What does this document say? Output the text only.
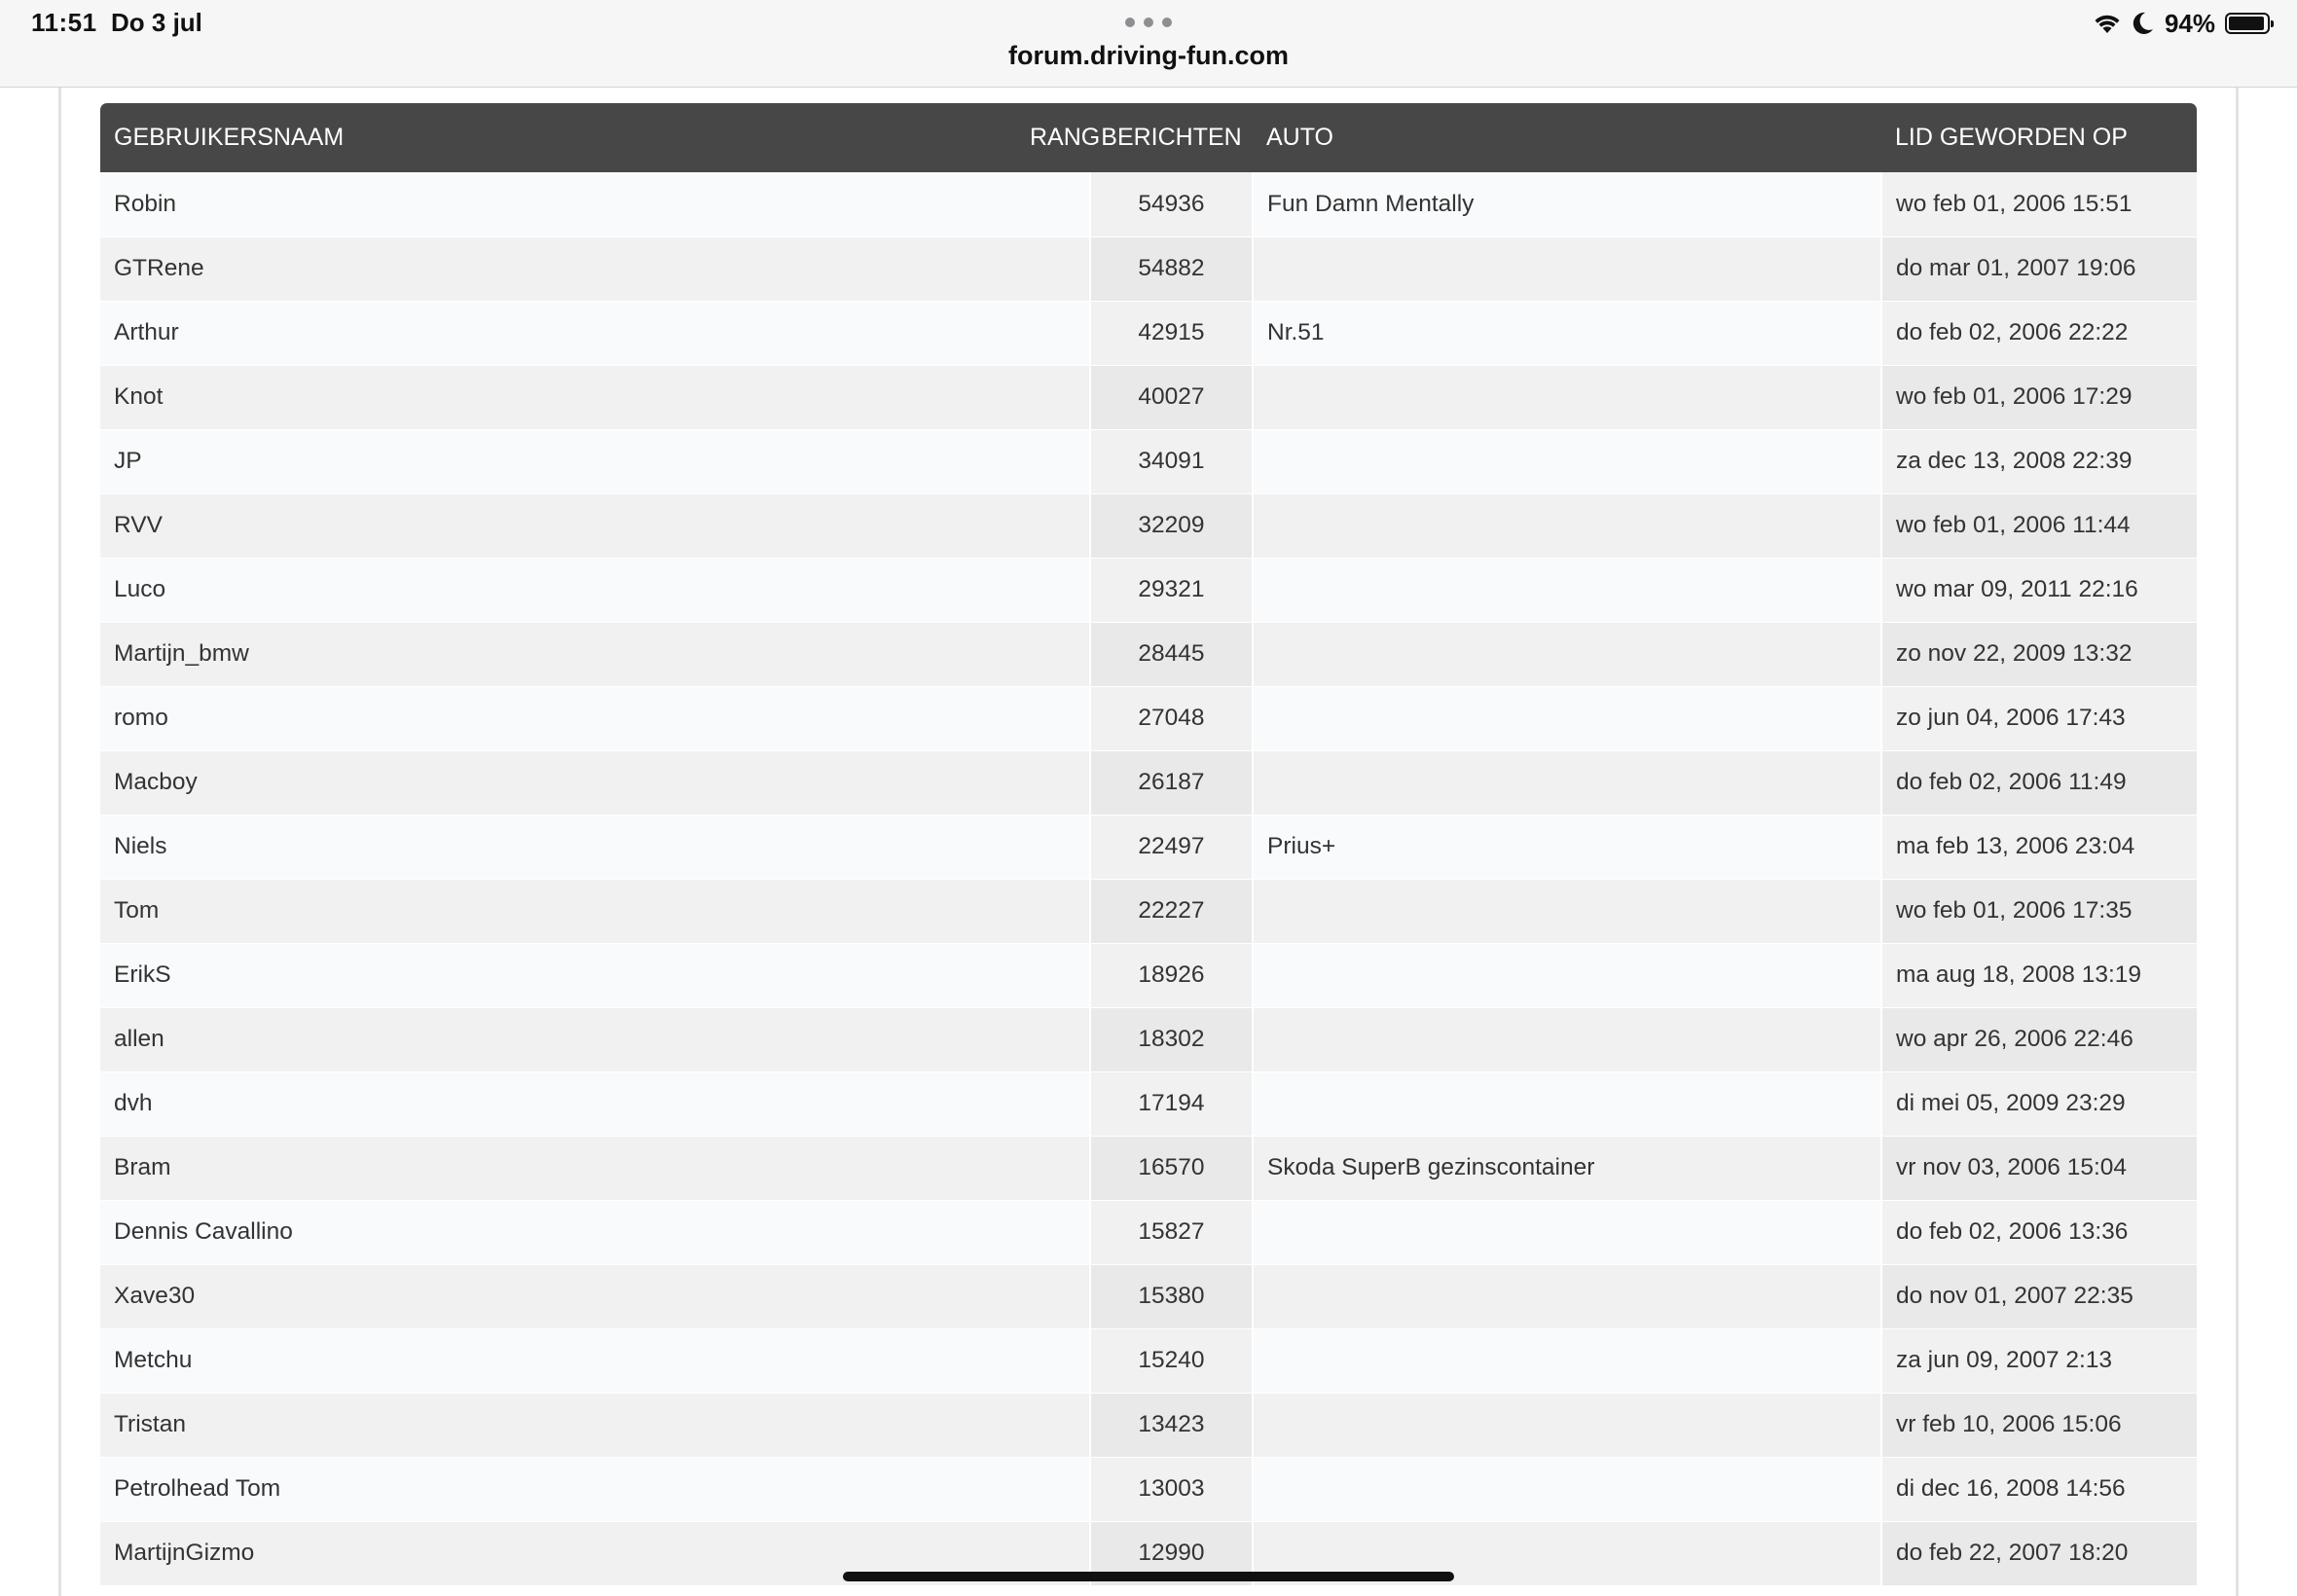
11:51 Do 3 jul
forum.driving-fun.com
94%
GEBRUIKERSNAAM	RANG	BERICHTEN	AUTO	LID GEWORDEN OP
Robin		54936	Fun Damn Mentally	wo feb 01, 2006 15:51
GTRene		54882		do mar 01, 2007 19:06
Arthur		42915	Nr.51	do feb 02, 2006 22:22
Knot		40027		wo feb 01, 2006 17:29
JP		34091		za dec 13, 2008 22:39
RVV		32209		wo feb 01, 2006 11:44
Luco		29321		wo mar 09, 2011 22:16
Martijn_bmw		28445		zo nov 22, 2009 13:32
romo		27048		zo jun 04, 2006 17:43
Macboy		26187		do feb 02, 2006 11:49
Niels		22497	Prius+	ma feb 13, 2006 23:04
Tom		22227		wo feb 01, 2006 17:35
ErikS		18926		ma aug 18, 2008 13:19
allen		18302		wo apr 26, 2006 22:46
dvh		17194		di mei 05, 2009 23:29
Bram		16570	Skoda SuperB gezinscontainer	vr nov 03, 2006 15:04
Dennis Cavallino		15827		do feb 02, 2006 13:36
Xave30		15380		do nov 01, 2007 22:35
Metchu		15240		za jun 09, 2007 2:13
Tristan		13423		vr feb 10, 2006 15:06
Petrolhead Tom		13003		di dec 16, 2008 14:56
MartijnGizmo		12990		do feb 22, 2007 18:20
